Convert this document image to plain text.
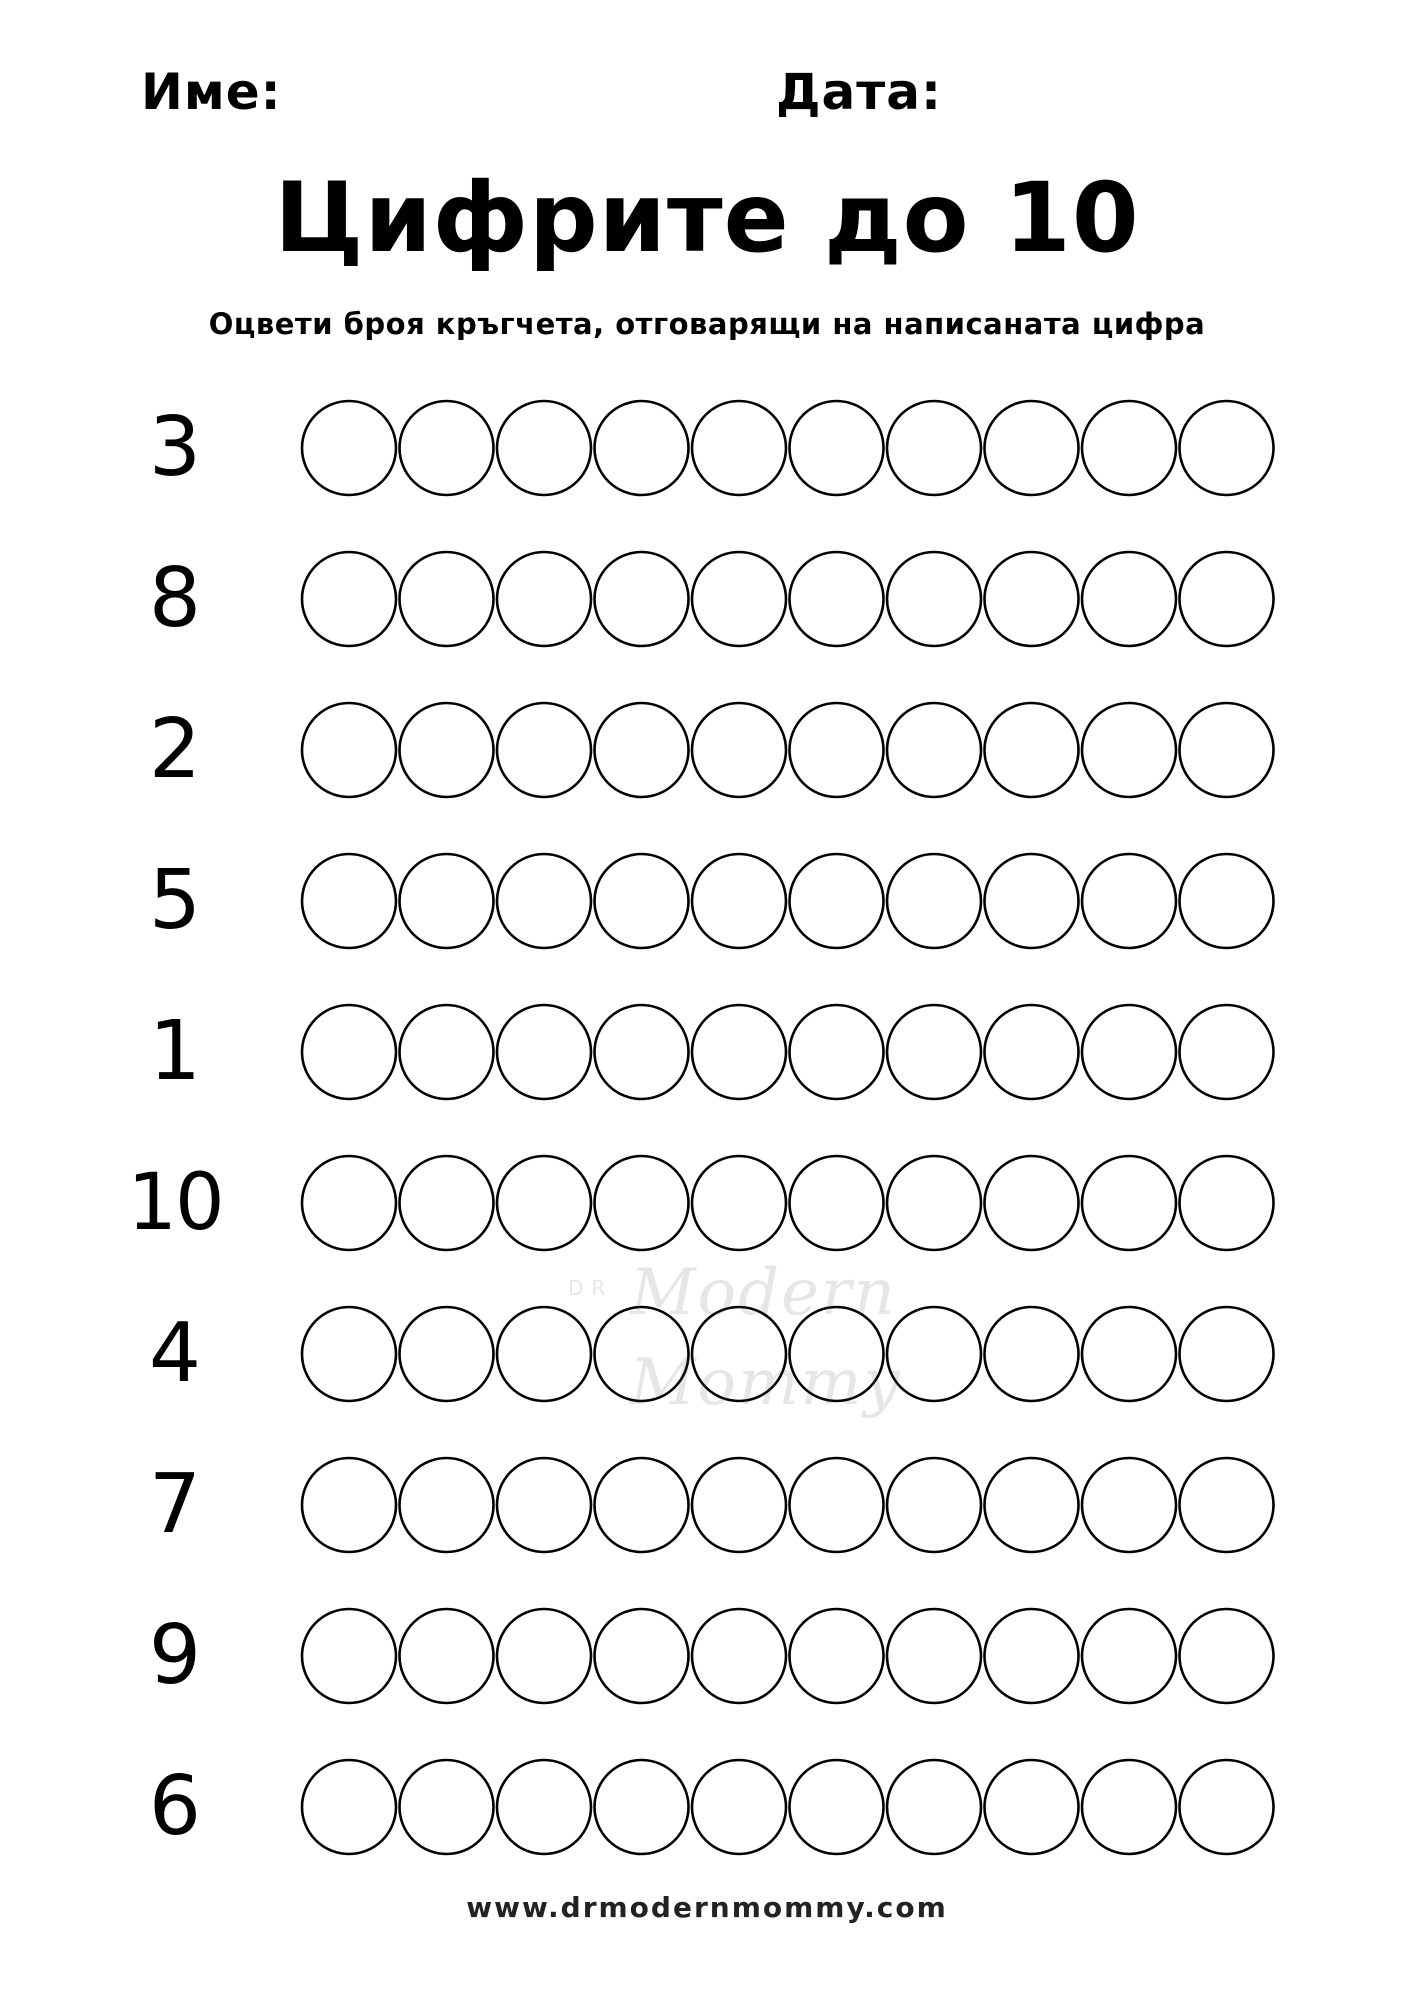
Име:	Дата:
Цифрите до 10
Оцвети броя кръгчета, отговарящи на написаната цифра
3
8
2
5
1
10
4
7
9
6
DR Modern
www.drmodernmommy.com
